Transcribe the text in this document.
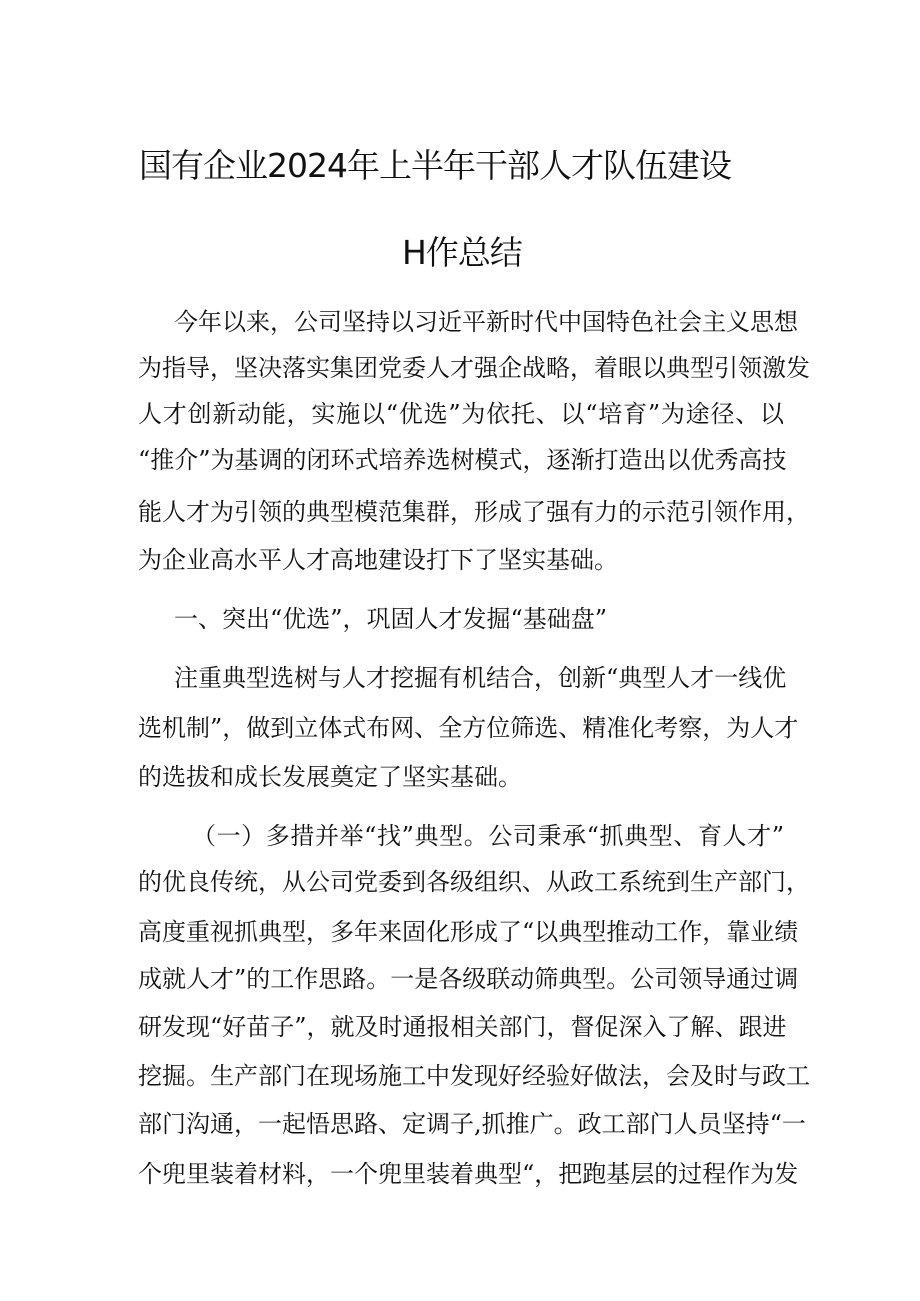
国有企业2024年上半年干部人才队伍建设
H作总结
今年以来，公司坚持以习近平新时代中国特色社会主义思想
为指导，坚决落实集团党委人才强企战略，着眼以典型引领激发
人才创新动能，实施以“优选”为依托、以“培育”为途径、以
“推介”为基调的闭环式培养选树模式，逐渐打造出以优秀高技
能人才为引领的典型模范集群，形成了强有力的示范引领作用，
为企业高水平人才高地建设打下了坚实基础。
一、突出“优选”，巩固人才发掘“基础盘”
注重典型选树与人才挖掘有机结合，创新“典型人才一线优
选机制”，做到立体式布网、全方位筛选、精准化考察，为人才
的选拔和成长发展奠定了坚实基础。
（一）多措并举“找”典型。公司秉承“抓典型、育人才”
的优良传统，从公司党委到各级组织、从政工系统到生产部门，
高度重视抓典型，多年来固化形成了“以典型推动工作，靠业绩
成就人才”的工作思路。一是各级联动筛典型。公司领导通过调
研发现“好苗子”，就及时通报相关部门，督促深入了解、跟进
挖掘。生产部门在现场施工中发现好经验好做法，会及时与政工
部门沟通，一起悟思路、定调子,抓推广。政工部门人员坚持“一
个兜里装着材料，一个兜里装着典型“，把跑基层的过程作为发
